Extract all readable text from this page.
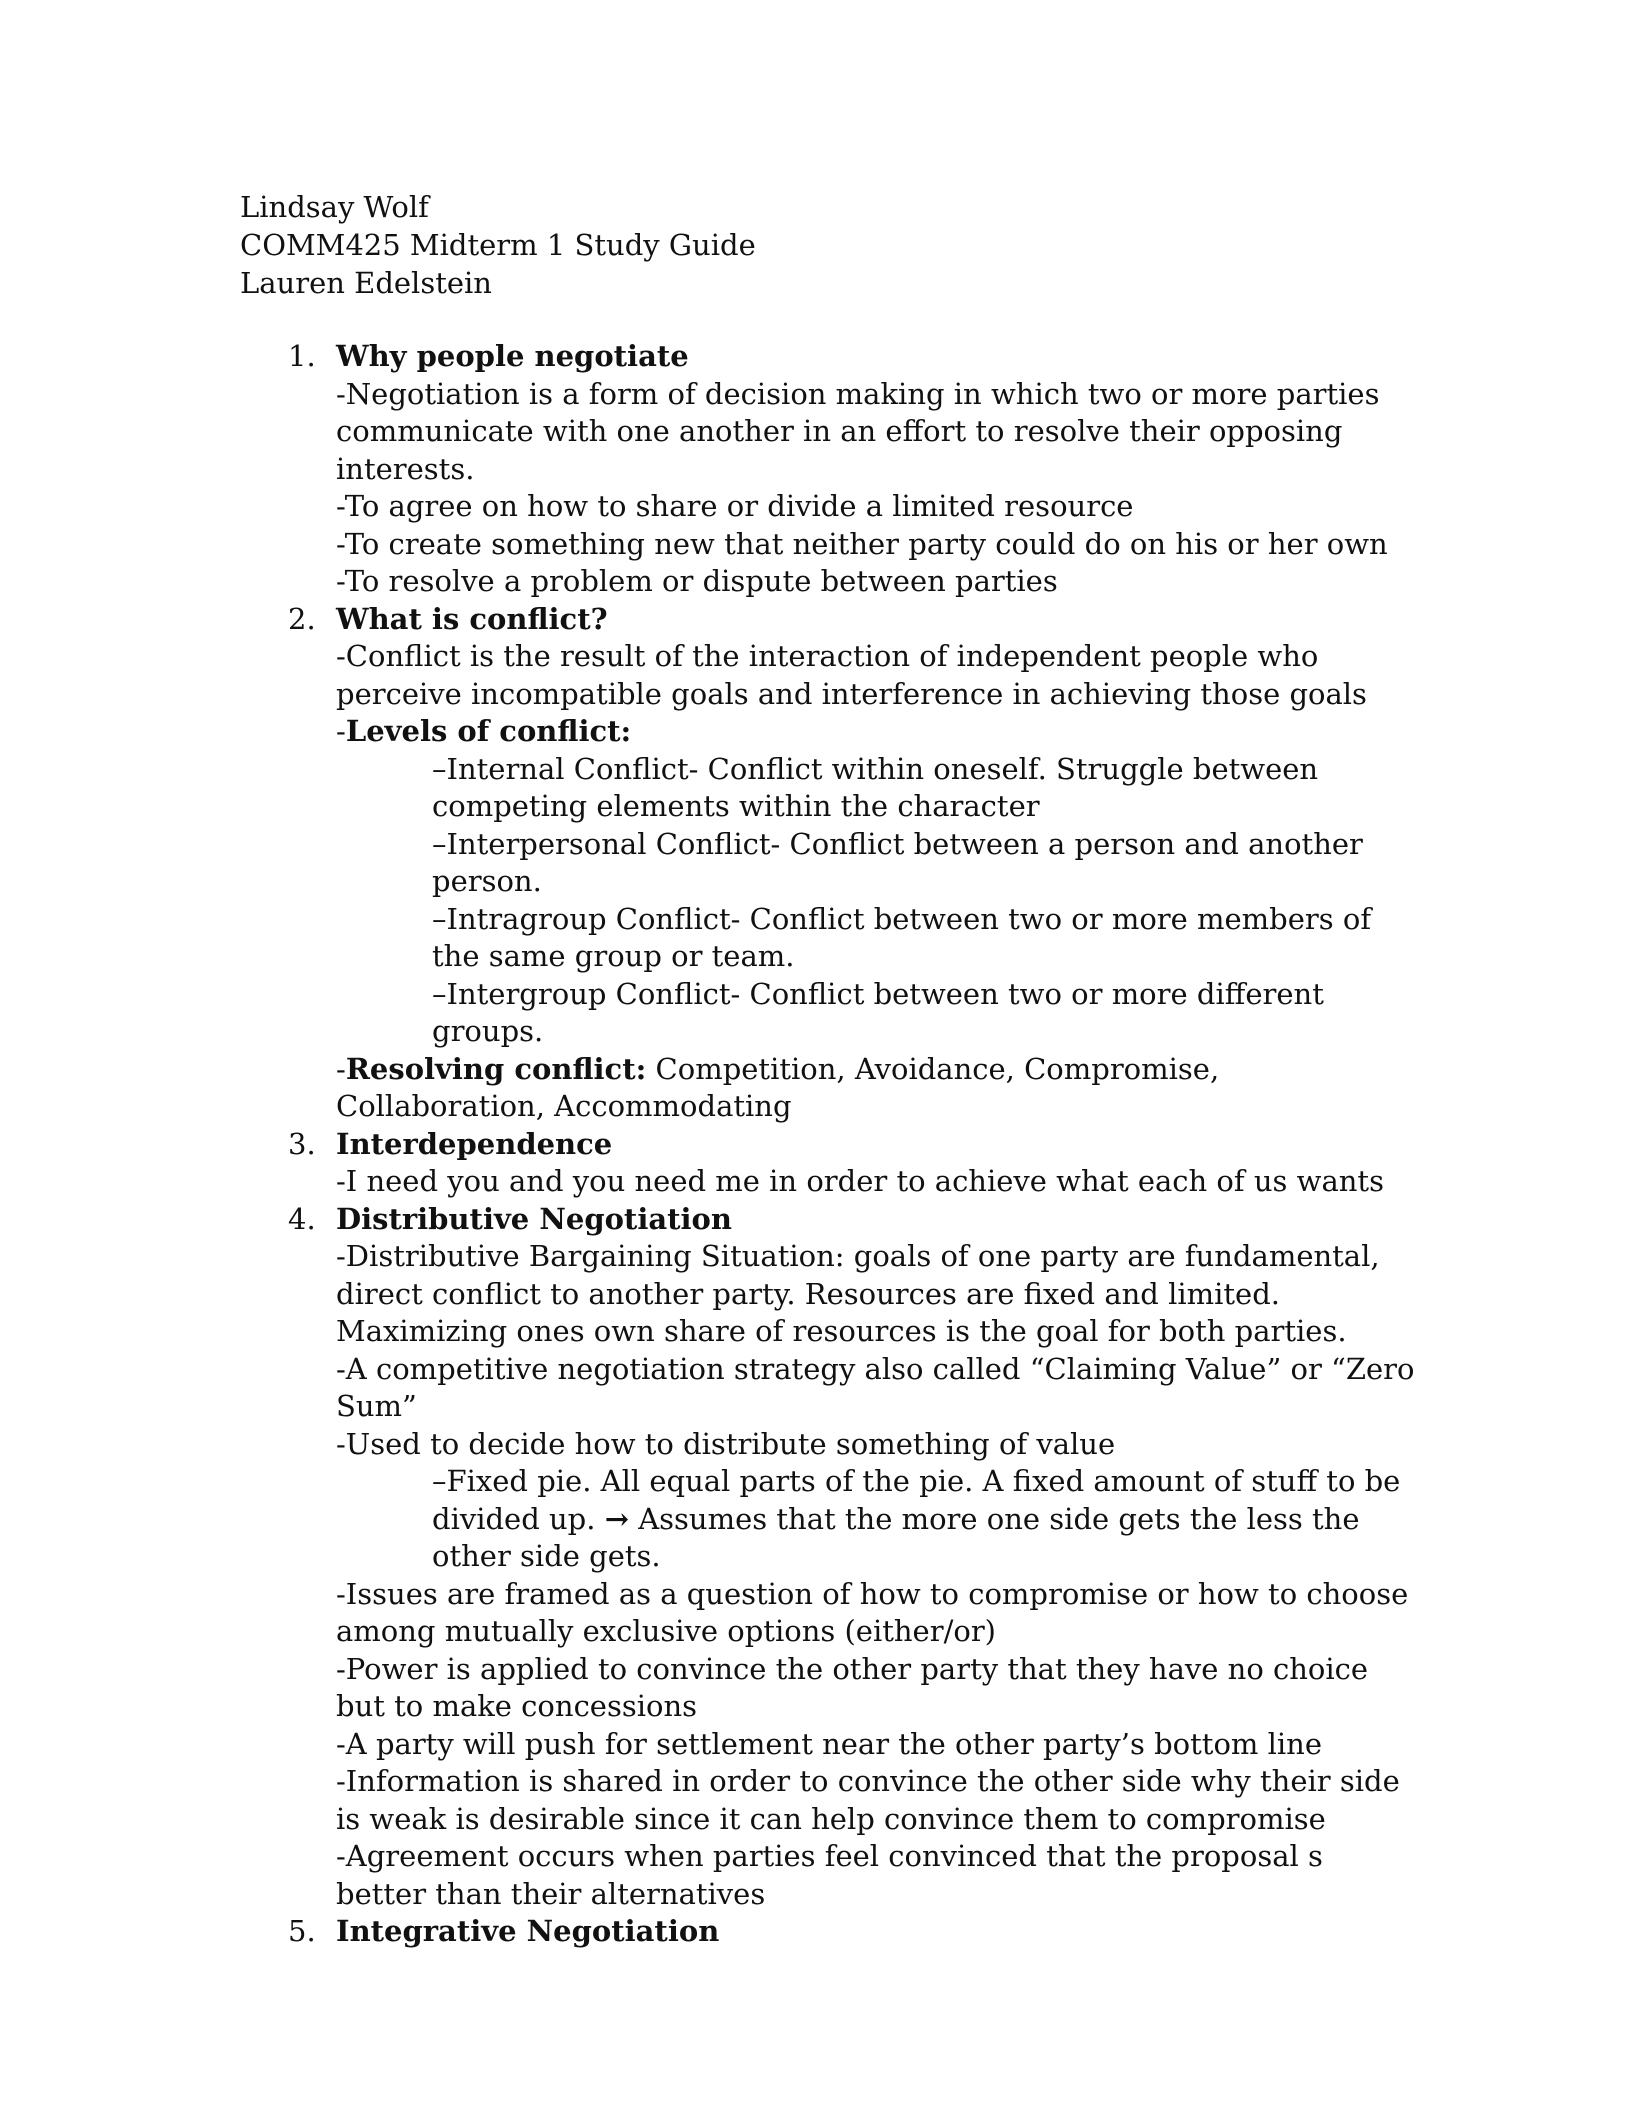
Lindsay Wolf
COMM425 Midterm 1 Study Guide
Lauren Edelstein
1. Why people negotiate
-Negotiation is a form of decision making in which two or more parties communicate with one another in an effort to resolve their opposing interests.
-To agree on how to share or divide a limited resource
-To create something new that neither party could do on his or her own
-To resolve a problem or dispute between parties
2. What is conflict?
-Conflict is the result of the interaction of independent people who perceive incompatible goals and interference in achieving those goals
-Levels of conflict:
–Internal Conflict- Conflict within oneself. Struggle between competing elements within the character
–Interpersonal Conflict- Conflict between a person and another person.
–Intragroup Conflict- Conflict between two or more members of the same group or team.
–Intergroup Conflict- Conflict between two or more different groups.
-Resolving conflict: Competition, Avoidance, Compromise, Collaboration, Accommodating
3. Interdependence
-I need you and you need me in order to achieve what each of us wants
4. Distributive Negotiation
-Distributive Bargaining Situation: goals of one party are fundamental, direct conflict to another party. Resources are fixed and limited. Maximizing ones own share of resources is the goal for both parties.
-A competitive negotiation strategy also called “Claiming Value” or “Zero Sum”
-Used to decide how to distribute something of value
–Fixed pie. All equal parts of the pie. A fixed amount of stuff to be divided up. → Assumes that the more one side gets the less the other side gets.
-Issues are framed as a question of how to compromise or how to choose among mutually exclusive options (either/or)
-Power is applied to convince the other party that they have no choice but to make concessions
-A party will push for settlement near the other party’s bottom line
-Information is shared in order to convince the other side why their side is weak is desirable since it can help convince them to compromise
-Agreement occurs when parties feel convinced that the proposal s better than their alternatives
5. Integrative Negotiation
